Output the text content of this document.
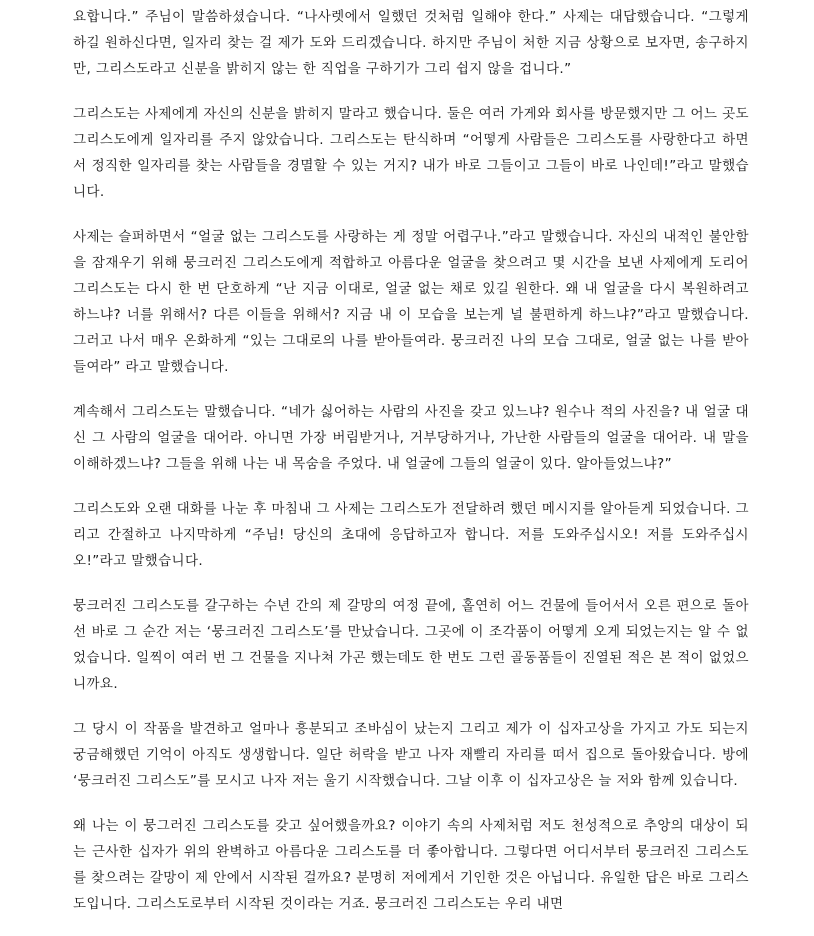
요합니다.” 주님이 말씀하셨습니다. “나사렛에서 일했던 것처럼 일해야 한다.” 사제는 대답했습니다. “그렇게 하길 원하신다면, 일자리 찾는 걸 제가 도와 드리겠습니다. 하지만 주님이 처한 지금 상황으로 보자면, 송구하지만, 그리스도라고 신분을 밝히지 않는 한 직업을 구하기가 그리 쉽지 않을 겁니다.”

그리스도는 사제에게 자신의 신분을 밝히지 말라고 했습니다. 둘은 여러 가게와 회사를 방문했지만 그 어느 곳도 그리스도에게 일자리를 주지 않았습니다. 그리스도는 탄식하며 “어떻게 사람들은 그리스도를 사랑한다고 하면서 정직한 일자리를 찾는 사람들을 경멸할 수 있는 거지? 내가 바로 그들이고 그들이 바로 나인데!”라고 말했습니다.

사제는 슬퍼하면서 “얼굴 없는 그리스도를 사랑하는 게 정말 어렵구나.”라고 말했습니다. 자신의 내적인 불안함을 잠재우기 위해 뭉크러진 그리스도에게 적합하고 아름다운 얼굴을 찾으려고 몇 시간을 보낸 사제에게 도리어 그리스도는 다시 한 번 단호하게 “난 지금 이대로, 얼굴 없는 채로 있길 원한다. 왜 내 얼굴을 다시 복원하려고 하느냐? 너를 위해서? 다른 이들을 위해서? 지금 내 이 모습을 보는게 널 불편하게 하느냐?”라고 말했습니다. 그러고 나서 매우 온화하게 “있는 그대로의 나를 받아들여라. 뭉크러진 나의 모습 그대로, 얼굴 없는 나를 받아들여라” 라고 말했습니다.

계속해서 그리스도는 말했습니다. “네가 싫어하는 사람의 사진을 갖고 있느냐? 원수나 적의 사진을? 내 얼굴 대신 그 사람의 얼굴을 대어라. 아니면 가장 버림받거나, 거부당하거나, 가난한 사람들의 얼굴을 대어라. 내 말을 이해하겠느냐? 그들을 위해 나는 내 목숨을 주었다. 내 얼굴에 그들의 얼굴이 있다. 알아들었느냐?”

그리스도와 오랜 대화를 나눈 후 마침내 그 사제는 그리스도가 전달하려 했던 메시지를 알아듣게 되었습니다. 그리고 간절하고 나지막하게 “주님! 당신의 초대에 응답하고자 합니다. 저를 도와주십시오! 저를 도와주십시오!”라고 말했습니다.

뭉크러진 그리스도를 갈구하는 수년 간의 제 갈망의 여정 끝에, 홀연히 어느 건물에 들어서서 오른 편으로 돌아선 바로 그 순간 저는 ‘뭉크러진 그리스도’를 만났습니다. 그곳에 이 조각품이 어떻게 오게 되었는지는 알 수 없었습니다. 일찍이 여러 번 그 건물을 지나쳐 가곤 했는데도 한 번도 그런 골동품들이 진열된 적은 본 적이 없었으니까요.

그 당시 이 작품을 발견하고 얼마나 흥분되고 조바심이 났는지 그리고 제가 이 십자고상을 가지고 가도 되는지 궁금해했던 기억이 아직도 생생합니다. 일단 허락을 받고 나자 재빨리 자리를 떠서 집으로 돌아왔습니다. 방에 ‘뭉크러진 그리스도”를 모시고 나자 저는 울기 시작했습니다. 그날 이후 이 십자고상은 늘 저와 함께 있습니다.

왜 나는 이 뭉그러진 그리스도를 갖고 싶어했을까요? 이야기 속의 사제처럼 저도 천성적으로 추앙의 대상이 되는 근사한 십자가 위의 완벽하고 아름다운 그리스도를 더 좋아합니다. 그렇다면 어디서부터 뭉크러진 그리스도를 찾으려는 갈망이 제 안에서 시작된 걸까요? 분명히 저에게서 기인한 것은 아닙니다. 유일한 답은 바로 그리스도입니다. 그리스도로부터 시작된 것이라는 거죠. 뭉크러진 그리스도는 우리 내면
